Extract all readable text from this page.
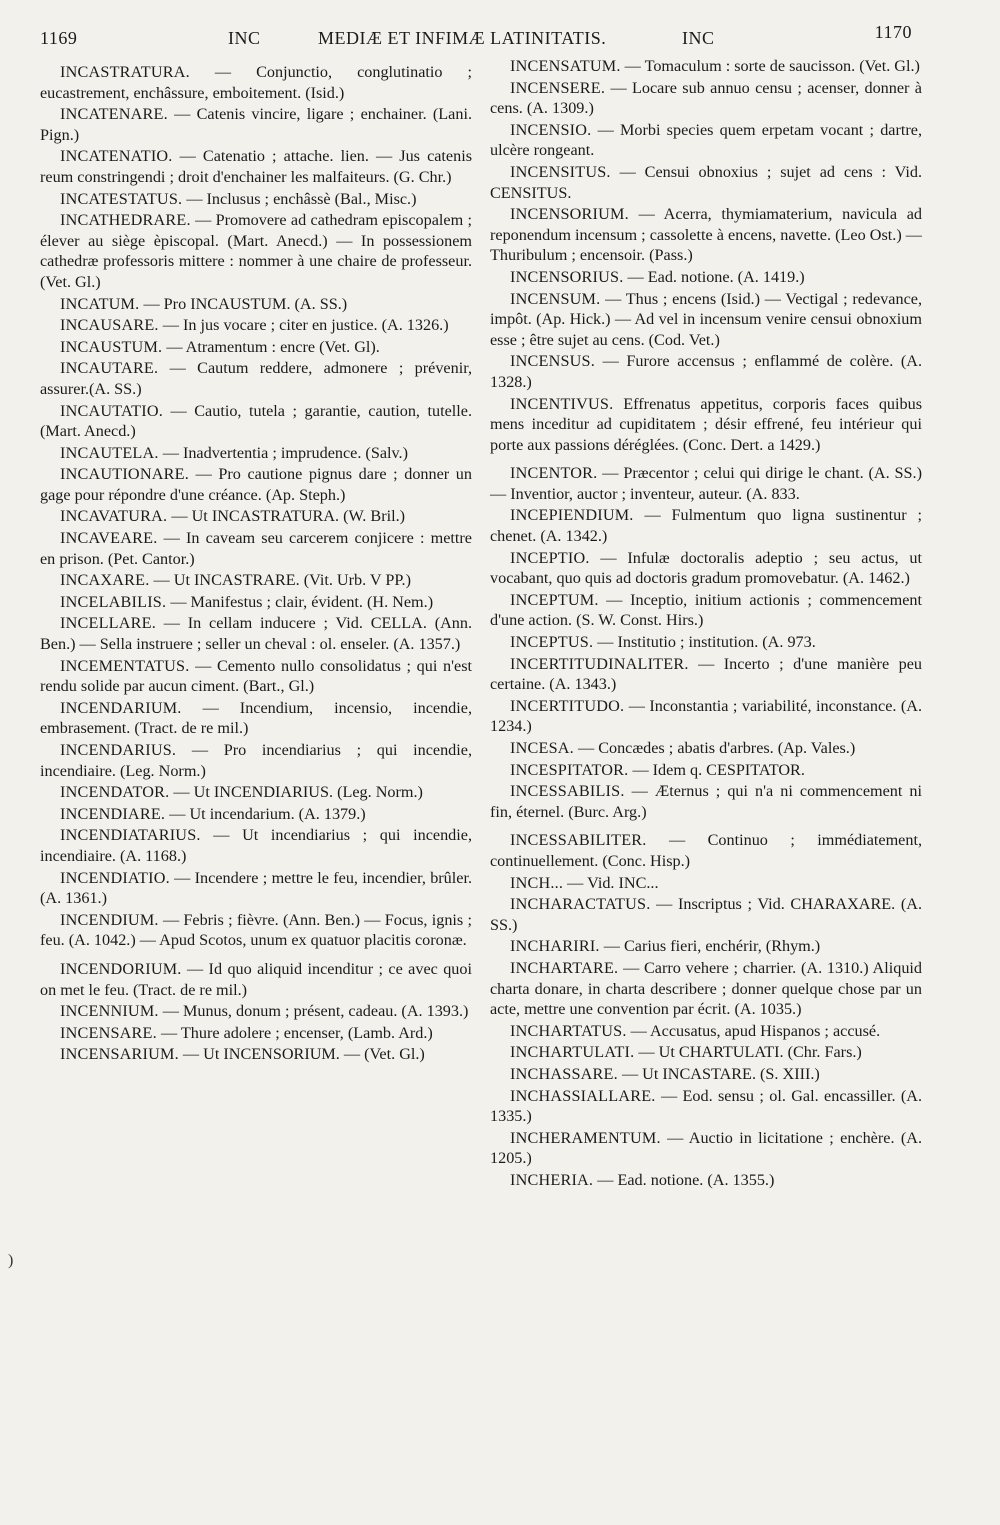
1169	INC	MEDIÆ ET INFIMÆ LATINITATIS.	INC	1170

INCASTRATURA. — Conjunctio, conglutinatio ; eucastrement, enchâssure, emboitement. (Isid.)

INCATENARE. — Catenis vincire, ligare ; enchainer. (Lani. Pign.)

INCATENATIO. — Catenatio ; attache. lien. — Jus catenis reum constringendi ; droit d'enchainer les malfaiteurs. (G. Chr.)

INCATESTATUS. — Inclusus ; enchâssè (Bal., Misc.)

INCATHEDRARE. — Promovere ad cathedram episcopalem ; élever au siège èpiscopal. (Mart. Anecd.) — In possessionem cathedræ professoris mittere : nommer à une chaire de professeur. (Vet. Gl.)

INCATUM. — Pro INCAUSTUM. (A. SS.)

INCAUSARE. — In jus vocare ; citer en justice. (A. 1326.)

INCAUSTUM. — Atramentum : encre (Vet. Gl).

INCAUTARE. — Cautum reddere, admonere ; prévenir, assurer.(A. SS.)

INCAUTATIO. — Cautio, tutela ; garantie, caution, tutelle. (Mart. Anecd.)

INCAUTELA. — Inadvertentia ; imprudence. (Salv.)

INCAUTIONARE. — Pro cautione pignus dare ; donner un gage pour répondre d'une créance. (Ap. Steph.)

INCAVATURA. — Ut INCASTRATURA. (W. Bril.)

INCAVEARE. — In caveam seu carcerem conjicere : mettre en prison. (Pet. Cantor.)

INCAXARE. — Ut INCASTRARE. (Vit. Urb. V PP.)

INCELABILIS. — Manifestus ; clair, évident. (H. Nem.)

INCELLARE. — In cellam inducere ; Vid. CELLA. (Ann. Ben.) — Sella instruere ; seller un cheval : ol. enseler. (A. 1357.)

INCEMENTATUS. — Cemento nullo consolidatus ; qui n'est rendu solide par aucun ciment. (Bart., Gl.)

INCENDARIUM. — Incendium, incensio, incendie, embrasement. (Tract. de re mil.)

INCENDARIUS. — Pro incendiarius ; qui incendie, incendiaire. (Leg. Norm.)

INCENDATOR. — Ut INCENDIARIUS. (Leg. Norm.)

INCENDIARE. — Ut incendarium. (A. 1379.)

INCENDIATARIUS. — Ut incendiarius ; qui incendie, incendiaire. (A. 1168.)

INCENDIATIO. — Incendere ; mettre le feu, incendier, brûler. (A. 1361.)

INCENDIUM. — Febris ; fièvre. (Ann. Ben.) — Focus, ignis ; feu. (A. 1042.) — Apud Scotos, unum ex quatuor placitis coronæ.

INCENDORIUM. — Id quo aliquid incenditur ; ce avec quoi on met le feu. (Tract. de re mil.)

INCENNIUM. — Munus, donum ; présent, cadeau. (A. 1393.)

INCENSARE. — Thure adolere ; encenser, (Lamb. Ard.)

INCENSARIUM. — Ut INCENSORIUM. — (Vet. Gl.)

INCENSATUM. — Tomaculum : sorte de saucisson. (Vet. Gl.)

INCENSERE. — Locare sub annuo censu ; acenser, donner à cens. (A. 1309.)

INCENSIO. — Morbi species quem erpetam vocant ; dartre, ulcère rongeant.

INCENSITUS. — Censui obnoxius ; sujet ad cens : Vid. CENSITUS.

INCENSORIUM. — Acerra, thymiamaterium, navicula ad reponendum incensum ; cassolette à encens, navette. (Leo Ost.) — Thuribulum ; encensoir. (Pass.)

INCENSORIUS. — Ead. notione. (A. 1419.)

INCENSUM. — Thus ; encens (Isid.) — Vectigal ; redevance, impôt. (Ap. Hick.) — Ad vel in incensum venire censui obnoxium esse ; être sujet au cens. (Cod. Vet.)

INCENSUS. — Furore accensus ; enflammé de colère. (A. 1328.)

INCENTIVUS. Effrenatus appetitus, corporis faces quibus mens inceditur ad cupiditatem ; désir effrené, feu intérieur qui porte aux passions déréglées. (Conc. Dert. a 1429.)

INCENTOR. — Præcentor ; celui qui dirige le chant. (A. SS.) — Inventior, auctor ; inventeur, auteur. (A. 833.

INCEPIENDIUM. — Fulmentum quo ligna sustinentur ; chenet. (A. 1342.)

INCEPTIO. — Infulæ doctoralis adeptio ; seu actus, ut vocabant, quo quis ad doctoris gradum promovebatur. (A. 1462.)

INCEPTUM. — Inceptio, initium actionis ; commencement d'une action. (S. W. Const. Hirs.)

INCEPTUS. — Institutio ; institution. (A. 973.

INCERTITUDINALITER. — Incerto ; d'une manière peu certaine. (A. 1343.)

INCERTITUDO. — Inconstantia ; variabilité, inconstance. (A. 1234.)

INCESA. — Concædes ; abatis d'arbres. (Ap. Vales.)

INCESPITATOR. — Idem q. CESPITATOR.

INCESSABILIS. — Æternus ; qui n'a ni commencement ni fin, éternel. (Burc. Arg.)

INCESSABILITER. — Continuo ; immédiatement, continuellement. (Conc. Hisp.)

INCH... — Vid. INC...

INCHARACTATUS. — Inscriptus ; Vid. CHARAXARE. (A. SS.)

INCHARIRI. — Carius fieri, enchérir, (Rhym.)

INCHARTARE. — Carro vehere ; charrier. (A. 1310.) Aliquid charta donare, in charta describere ; donner quelque chose par un acte, mettre une convention par écrit. (A. 1035.)

INCHARTATUS. — Accusatus, apud Hispanos ; accusé.

INCHARTULATI. — Ut CHARTULATI. (Chr. Fars.)

INCHASSARE. — Ut INCASTARE. (S. XIII.)

INCHASSIALLARE. — Eod. sensu ; ol. Gal. encassiller. (A. 1335.)

INCHERAMENTUM. — Auctio in licitatione ; enchère. (A. 1205.)

INCHERIA. — Ead. notione. (A. 1355.)

)
